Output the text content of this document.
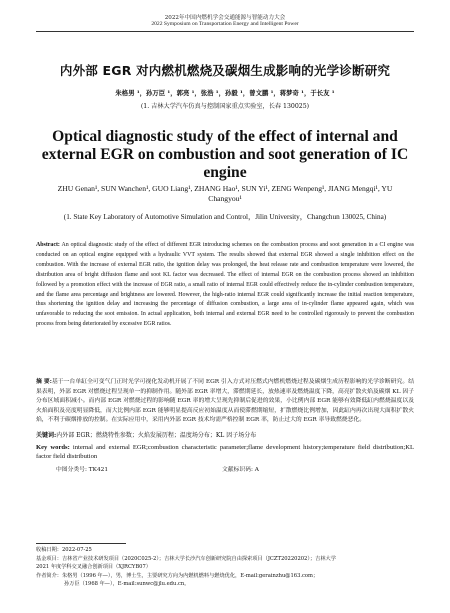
2022年中国内燃机学会交通能源与智能动力大会
2022 Symposium on Transportation Energy and Intelligent Power
内外部 EGR 对内燃机燃烧及碳烟生成影响的光学诊断研究
朱格男 ¹，孙万臣 ¹，郭亮 ¹，张浩 ¹，孙毅 ¹，曾文鹏 ¹，蒋梦奇 ¹，于长友 ¹
(1. 吉林大学汽车仿真与控制国家重点实验室，长春 130025)
Optical diagnostic study of the effect of internal and external EGR on combustion and soot generation of IC engine
ZHU Genan¹, SUN Wanchen¹, GUO Liang¹, ZHANG Hao¹, SUN Yi¹, ZENG Wenpeng¹, JIANG Mengqi¹, YU Changyou¹
(1. State Key Laboratory of Automotive Simulation and Control，Jilin University，Changchun 130025, China)
Abstract: An optical diagnostic study of the effect of different EGR introducing schemes on the combustion process and soot generation in a CI engine was conducted on an optical engine equipped with a hydraulic VVT system. The results showed that external EGR showed a single inhibition effect on the combustion. With the increase of external EGR ratio, the ignition delay was prolonged, the heat release rate and combustion temperature were lowered, the distribution area of bright diffusion flame and soot KL factor was decreased. The effect of internal EGR on the combustion process showed an inhibition followed by a promotion effect with the increase of EGR ratio, a small ratio of internal EGR could effectively reduce the in-cylinder combustion temperature, and the flame area percentage and brightness are lowered. However, the high-ratio internal EGR could significantly increase the initial reaction temperature, thus shortening the ignition delay and increasing the percentage of diffusion combustion, a large area of in-cylinder flame appeared again, which was unfavorable to reducing the soot emission. In actual application, both internal and external EGR need to be controlled rigorously to prevent the combustion process from being deteriorated by excessive EGR ratios.
摘 要:基于一台单缸全可变气门正时光学可视化发动机开展了不同 EGR 引入方式对压燃式内燃机燃烧过程及碳烟生成历程影响的光学诊断研究。结果表明，外部 EGR 对燃烧过程呈现单一的抑制作用。随外部 EGR 率增大，滞燃期延长，放热速率及燃烧温度下降，高亮扩散火焰及碳烟 KL 因子分布区域面积减小。而内部 EGR 对燃烧过程的影响随 EGR 率的增大呈现先抑制后促进的效果，小比例内部 EGR 能够有效降低缸内燃烧温度以及火焰面积及亮度明显降低，而大比例内部 EGR 能够明显提高反应初始温度从而使滞燃期缩短，扩散燃烧比例增加，因此缸内再次出现大面积扩散火焰，不利于碳烟排放的控制。在实际应用中，采用内外部 EGR 技术均需严格控制 EGR 率，防止过大的 EGR 率导致燃烧恶化。
关键词:内外部 EGR；燃烧特性参数；火焰发展历程；温度场分布；KL 因子场分布
Key words: internal and external EGR;combustion characteristic parameter;flame development history;temperature field distribution;KL factor field distribution
中图分类号: TK421	文献标识码: A
收稿日期：2022-07-25
基金项目：吉林省产业技术研发项目（2020C025-2）；吉林大学长沙汽车创新研究院自由探索项目（JCZT20220202）；吉林大学
2021 年度学科交叉融合创新项目（XJRCYB07）
作者简介：朱格男（1996 年—），男，博士生，主要研究方向为内燃机燃料与燃烧优化，E-mail:gerainzhu@163.com；
孙万臣（1968 年—），E-mail:sunwc@jlu.edu.cn。
